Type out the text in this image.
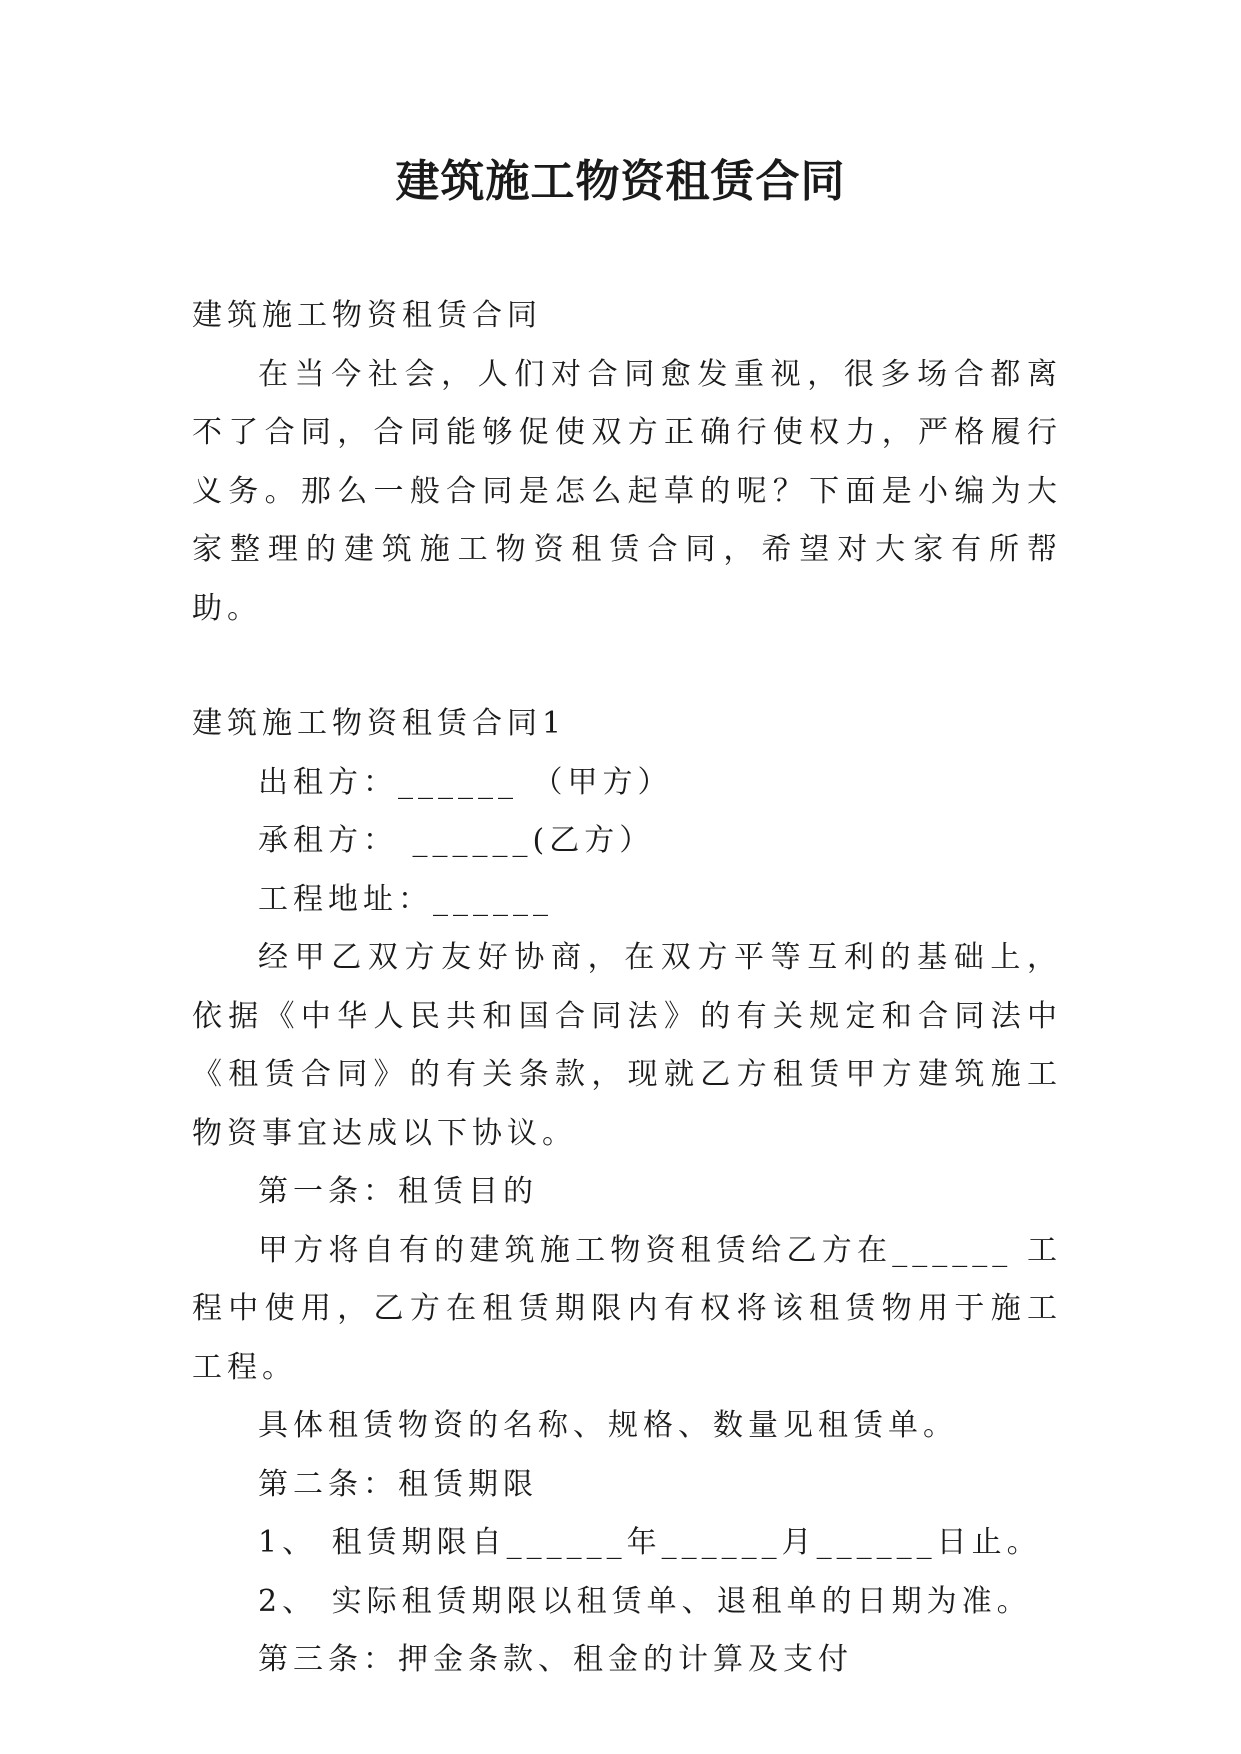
建筑施工物资租赁合同

建筑施工物资租赁合同

在当今社会，人们对合同愈发重视，很多场合都离不了合同，合同能够促使双方正确行使权力，严格履行义务。那么一般合同是怎么起草的呢？下面是小编为大家整理的建筑施工物资租赁合同，希望对大家有所帮助。

建筑施工物资租赁合同1

出租方：______ （甲方）

承租方： ______(乙方）

工程地址：______

经甲乙双方友好协商，在双方平等互利的基础上，依据《中华人民共和国合同法》的有关规定和合同法中《租赁合同》的有关条款，现就乙方租赁甲方建筑施工物资事宜达成以下协议。

第一条：租赁目的

甲方将自有的建筑施工物资租赁给乙方在______ 工程中使用，乙方在租赁期限内有权将该租赁物用于施工工程。

具体租赁物资的名称、规格、数量见租赁单。

第二条：租赁期限

1、 租赁期限自______年______月______日止。

2、 实际租赁期限以租赁单、退租单的日期为准。

第三条：押金条款、租金的计算及支付
